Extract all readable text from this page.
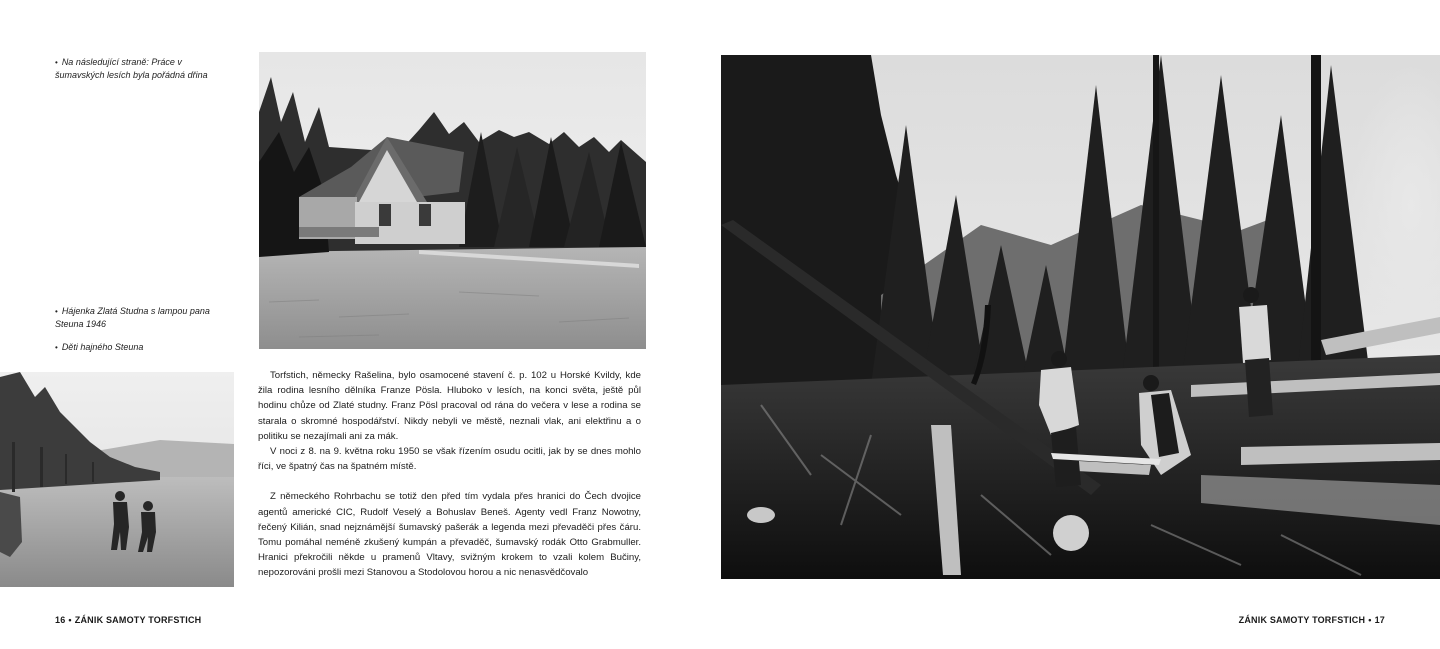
• Na následující straně: Práce v šumavských lesích byla pořádná dřina
• Hájenka Zlatá Studna s lampou pana Steuna 1946
• Děti hajného Steuna

Torfstich, německy Rašelina, bylo osamocené stavení č. p. 102 u Horské Kvildy, kde žila rodina lesního dělníka Franze Pösla. Hluboko v lesích, na konci světa, ještě půl hodinu chůze od Zlaté studny. Franz Pösl pracoval od rána do večera v lese a rodina se starala o skromné hospodářství. Nikdy nebyli ve městě, neznali vlak, ani elektřinu a o politiku se nezajímali ani za mák.

V noci z 8. na 9. května roku 1950 se však řízením osudu ocitli, jak by se dnes mohlo říci, ve špatný čas na špatném místě.

Z německého Rohrbachu se totiž den před tím vydala přes hranici do Čech dvojice agentů americké CIC, Rudolf Veselý a Bohuslav Beneš. Agenty vedl Franz Nowotny, řečený Kilián, snad nejznámější šumavský pašerák a legenda mezi převaděči přes čáru. Tomu pomáhal neméně zkušený kumpán a převaděč, šumavský rodák Otto Grabmuller. Hranici překročili někde u pramenů Vltavy, svižným krokem to vzali kolem Bučiny, nepozorováni prošli mezi Stanovou a Stodolovou horou a nic nenasvědčovalo

16 • ZÁNIK SAMOTY TORFSTICH	ZÁNIK SAMOTY TORFSTICH • 17
